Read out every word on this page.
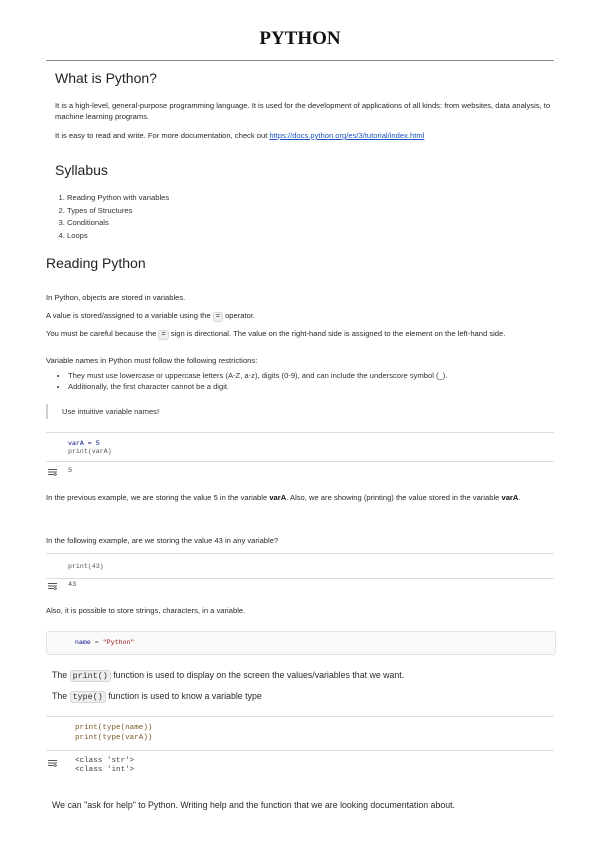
PYTHON
What is Python?

It is a high-level, general-purpose programming language. It is used for the development of applications of all kinds: from websites, data analysis, to machine learning programs.

It is easy to read and write. For more documentation, check out https://docs.python.org/es/3/tutorial/index.html

Syllabus
1. Reading Python with variables
2. Types of Structures
3. Conditionals
4. Loops
Reading Python

In Python, objects are stored in variables.

A value is stored/assigned to a variable using the = operator.

You must be careful because the = sign is directional. The value on the right-hand side is assigned to the element on the left-hand side.

Variable names in Python must follow the following restrictions:

• They must use lowercase or uppercase letters (A-Z, a-z), digits (0-9), and can include the underscore symbol (_).
• Additionally, the first character cannot be a digit.
Use intuitive variable names!
varA = 5
print(varA)
5

In the previous example, we are storing the value 5 in the variable varA. Also, we are showing (printing) the value stored in the variable varA.

In the following example, are we storing the value 43 in any variable?

print(43)
43

Also, it is possible to store strings, characters, in a variable.

name = "Python"

The print() function is used to display on the screen the values/variables that we want.

The type() function is used to know a variable type

print(type(name))
print(type(varA))
<class 'str'>
<class 'int'>

We can "ask for help" to Python. Writing help and the function that we are looking documentation about.
